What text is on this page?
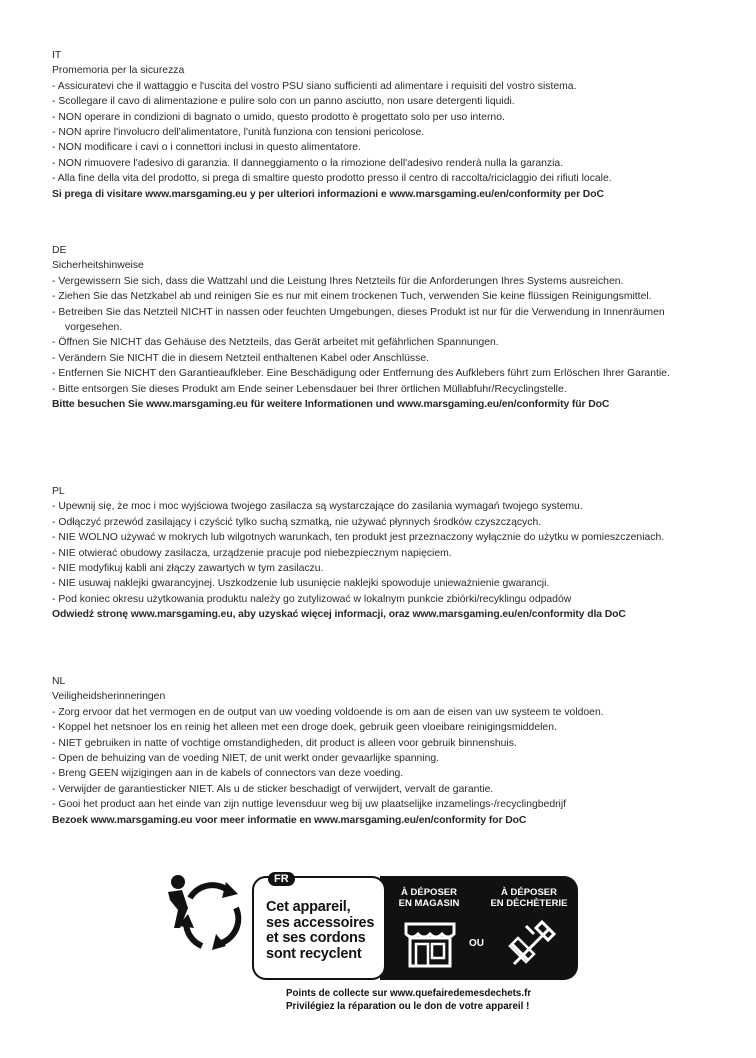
IT
Promemoria per la sicurezza
- Assicuratevi che il wattaggio e l'uscita del vostro PSU siano sufficienti ad alimentare i requisiti del vostro sistema.
- Scollegare il cavo di alimentazione e pulire solo con un panno asciutto, non usare detergenti liquidi.
- NON operare in condizioni di bagnato o umido, questo prodotto è progettato solo per uso interno.
- NON aprire l'involucro dell'alimentatore, l'unità funziona con tensioni pericolose.
- NON modificare i cavi o i connettori inclusi in questo alimentatore.
- NON rimuovere l'adesivo di garanzia. Il danneggiamento o la rimozione dell'adesivo renderà nulla la garanzia.
- Alla fine della vita del prodotto, si prega di smaltire questo prodotto presso il centro di raccolta/riciclaggio dei rifiuti locale.
Si prega di visitare www.marsgaming.eu y per ulteriori informazioni e www.marsgaming.eu/en/conformity per DoC
DE
Sicherheitshinweise
- Vergewissern Sie sich, dass die Wattzahl und die Leistung Ihres Netzteils für die Anforderungen Ihres Systems ausreichen.
- Ziehen Sie das Netzkabel ab und reinigen Sie es nur mit einem trockenen Tuch, verwenden Sie keine flüssigen Reinigungsmittel.
- Betreiben Sie das Netzteil NICHT in nassen oder feuchten Umgebungen, dieses Produkt ist nur für die Verwendung in Innenräumen vorgesehen.
- Öffnen Sie NICHT das Gehäuse des Netzteils, das Gerät arbeitet mit gefährlichen Spannungen.
- Verändern Sie NICHT die in diesem Netzteil enthaltenen Kabel oder Anschlüsse.
- Entfernen Sie NICHT den Garantieaufkleber. Eine Beschädigung oder Entfernung des Aufklebers führt zum Erlöschen Ihrer Garantie.
- Bitte entsorgen Sie dieses Produkt am Ende seiner Lebensdauer bei Ihrer örtlichen Müllabfuhr/Recyclingstelle.
Bitte besuchen Sie www.marsgaming.eu für weitere Informationen und www.marsgaming.eu/en/conformity für DoC
PL
- Upewnij się, że moc i moc wyjściowa twojego zasilacza są wystarczające do zasilania wymagań twojego systemu.
- Odłączyć przewód zasilający i czyścić tylko suchą szmatką, nie używać płynnych środków czyszczących.
- NIE WOLNO używać w mokrych lub wilgotnych warunkach, ten produkt jest przeznaczony wyłącznie do użytku w pomieszczeniach.
- NIE otwierać obudowy zasilacza, urządzenie pracuje pod niebezpiecznym napięciem.
- NIE modyfikuj kabli ani złączy zawartych w tym zasilaczu.
- NIE usuwaj naklejki gwarancyjnej. Uszkodzenie lub usunięcie naklejki spowoduje unieważnienie gwarancji.
- Pod koniec okresu użytkowania produktu należy go zutylizować w lokalnym punkcie zbiórki/recyklingu odpadów
Odwiedź stronę www.marsgaming.eu, aby uzyskać więcej informacji, oraz www.marsgaming.eu/en/conformity dla DoC
NL
Veiligheidsherinneringen
- Zorg ervoor dat het vermogen en de output van uw voeding voldoende is om aan de eisen van uw systeem te voldoen.
- Koppel het netsnoer los en reinig het alleen met een droge doek, gebruik geen vloeibare reinigingsmiddelen.
- NIET gebruiken in natte of vochtige omstandigheden, dit product is alleen voor gebruik binnenshuis.
- Open de behuizing van de voeding NIET, de unit werkt onder gevaarlijke spanning.
- Breng GEEN wijzigingen aan in de kabels of connectors van deze voeding.
- Verwijder de garantiesticker NIET. Als u de sticker beschadigt of verwijdert, vervalt de garantie.
- Gooi het product aan het einde van zijn nuttige levensduur weg bij uw plaatselijke inzamelings-/recyclingbedrijf
Bezoek www.marsgaming.eu voor meer informatie en www.marsgaming.eu/en/conformity for DoC
À DÉPOSER
EN MAGASIN
À DÉPOSER
EN DÉCHÈTERIE
OU
FR
Cet appareil,
ses accessoires
et ses cordons
sont recyclent
Points de collecte sur www.quefairedemesdechets.fr
Privilégiez la réparation ou le don de votre appareil !
